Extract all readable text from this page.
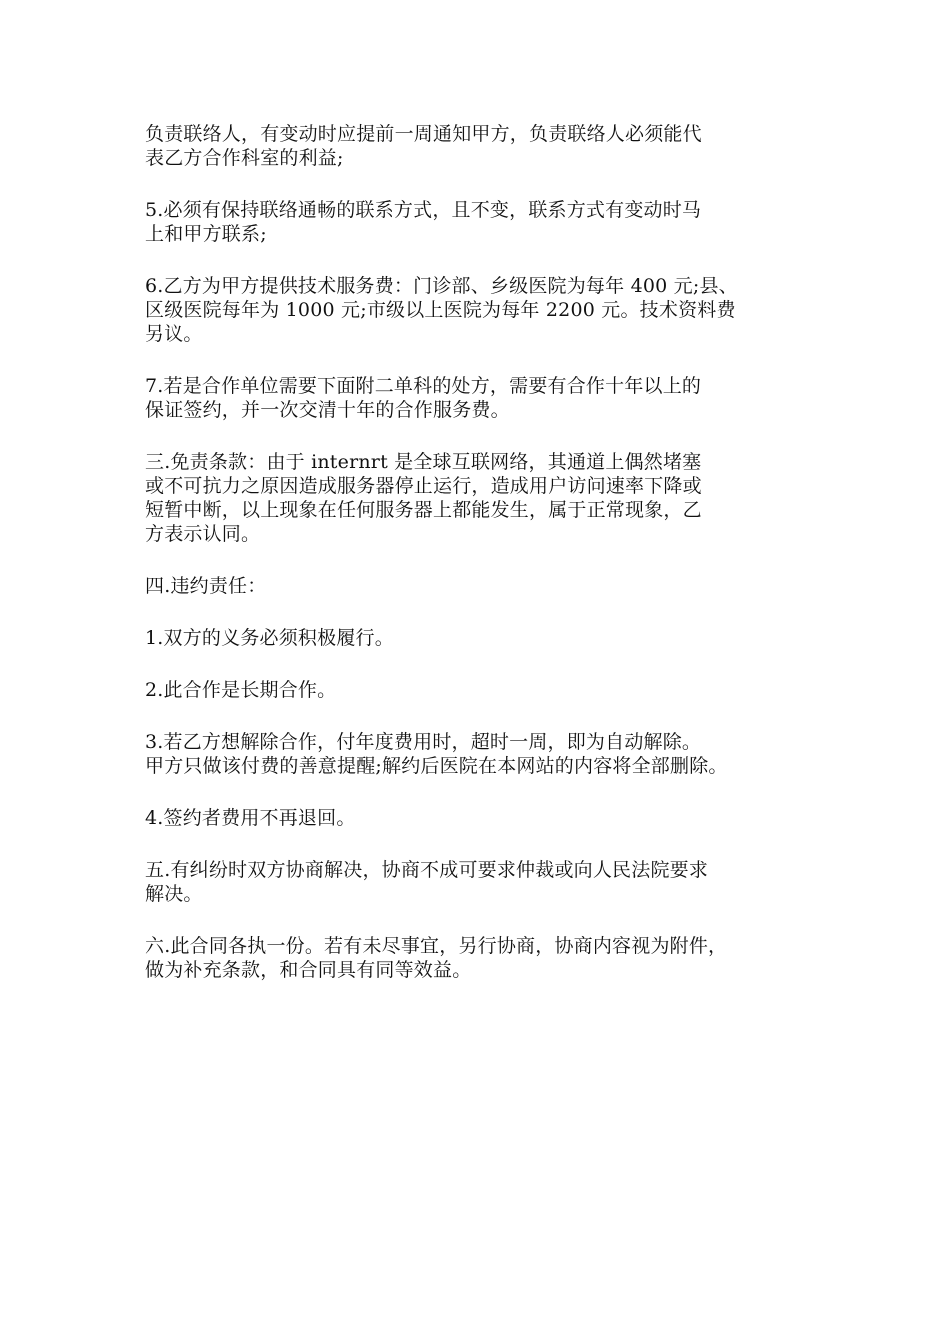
负责联络人，有变动时应提前一周通知甲方，负责联络人必须能代
表乙方合作科室的利益;

5.必须有保持联络通畅的联系方式，且不变，联系方式有变动时马
上和甲方联系;

6.乙方为甲方提供技术服务费：门诊部、乡级医院为每年 400 元;县、
区级医院每年为 1000 元;市级以上医院为每年 2200 元。技术资料费
另议。

7.若是合作单位需要下面附二单科的处方，需要有合作十年以上的
保证签约，并一次交清十年的合作服务费。

三.免责条款：由于 internrt 是全球互联网络，其通道上偶然堵塞
或不可抗力之原因造成服务器停止运行，造成用户访问速率下降或
短暂中断，以上现象在任何服务器上都能发生，属于正常现象，乙
方表示认同。

四.违约责任：

1.双方的义务必须积极履行。

2.此合作是长期合作。

3.若乙方想解除合作，付年度费用时，超时一周，即为自动解除。
甲方只做该付费的善意提醒;解约后医院在本网站的内容将全部删除。

4.签约者费用不再退回。

五.有纠纷时双方协商解决，协商不成可要求仲裁或向人民法院要求
解决。

六.此合同各执一份。若有未尽事宜，另行协商，协商内容视为附件，
做为补充条款，和合同具有同等效益。
